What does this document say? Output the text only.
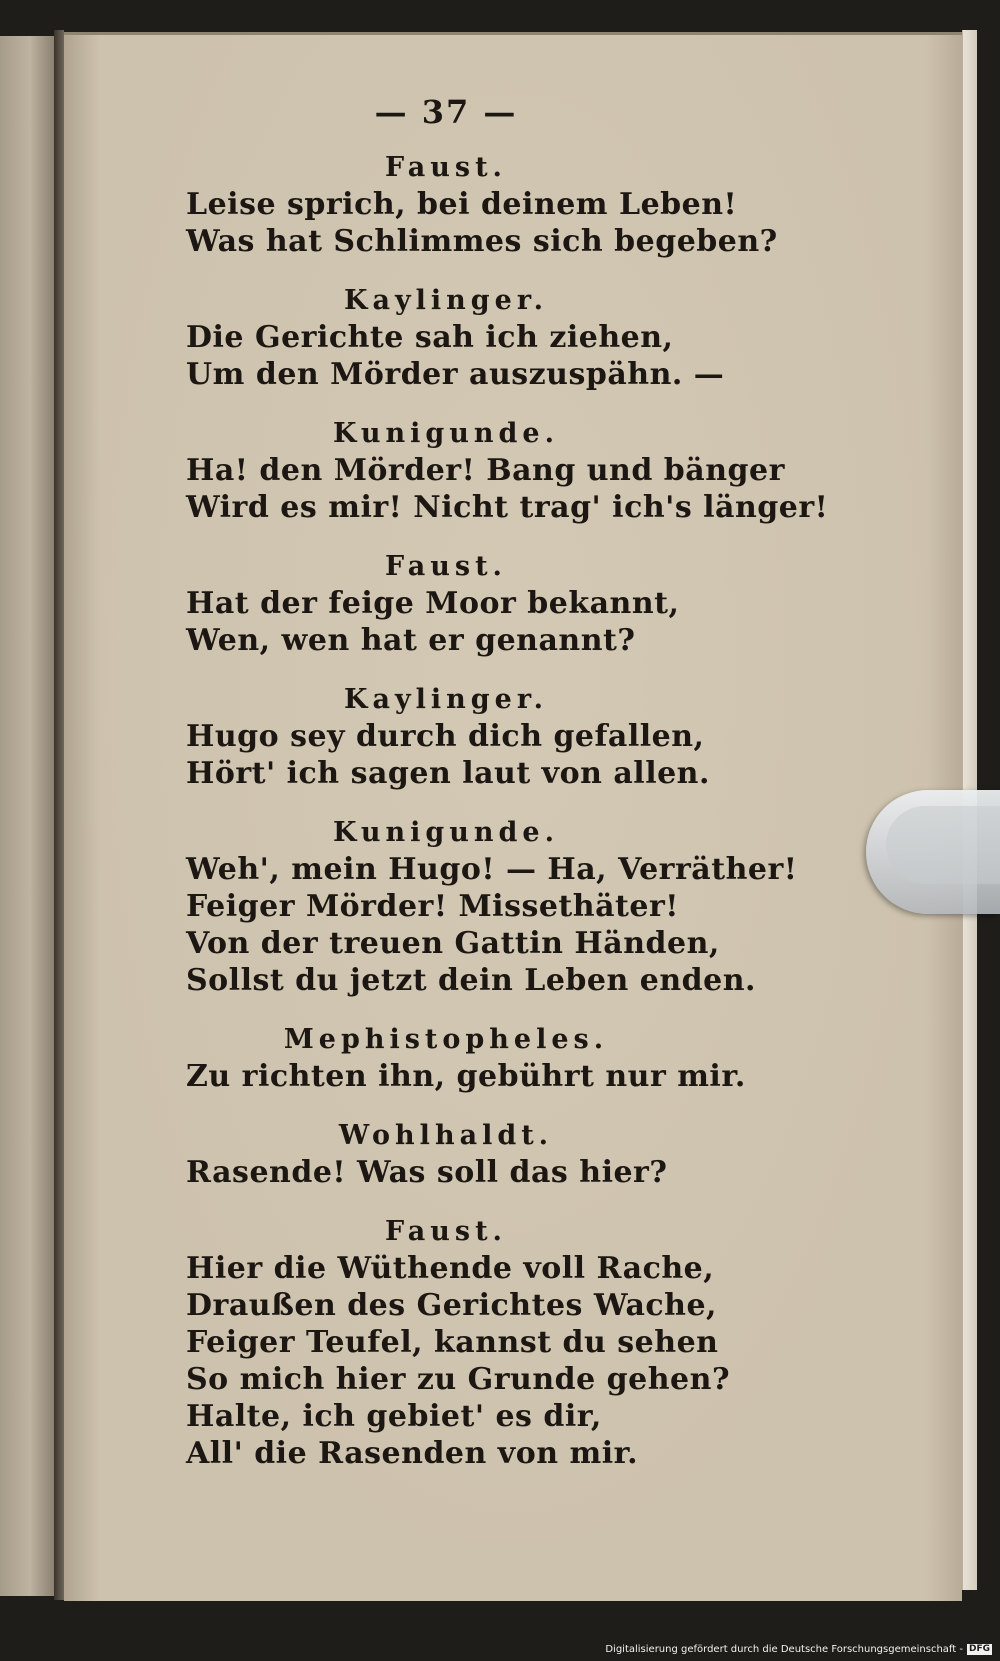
— 37 —
Faust.
Leise sprich, bei deinem Leben!
Was hat Schlimmes sich begeben?
Kaylinger.
Die Gerichte sah ich ziehen,
Um den Mörder auszuspähn. —
Kunigunde.
Ha! den Mörder! Bang und bänger
Wird es mir! Nicht trag' ich's länger!
Faust.
Hat der feige Moor bekannt,
Wen, wen hat er genannt?
Kaylinger.
Hugo sey durch dich gefallen,
Hört' ich sagen laut von allen.
Kunigunde.
Weh', mein Hugo! — Ha, Verräther!
Feiger Mörder! Missethäter!
Von der treuen Gattin Händen,
Sollst du jetzt dein Leben enden.
Mephistopheles.
Zu richten ihn, gebührt nur mir.
Wohlhaldt.
Rasende! Was soll das hier?
Faust.
Hier die Wüthende voll Rache,
Draußen des Gerichtes Wache,
Feiger Teufel, kannst du sehen
So mich hier zu Grunde gehen?
Halte, ich gebiet' es dir,
All' die Rasenden von mir.
Digitalisierung gefördert durch die Deutsche Forschungsgemeinschaft - DFG
